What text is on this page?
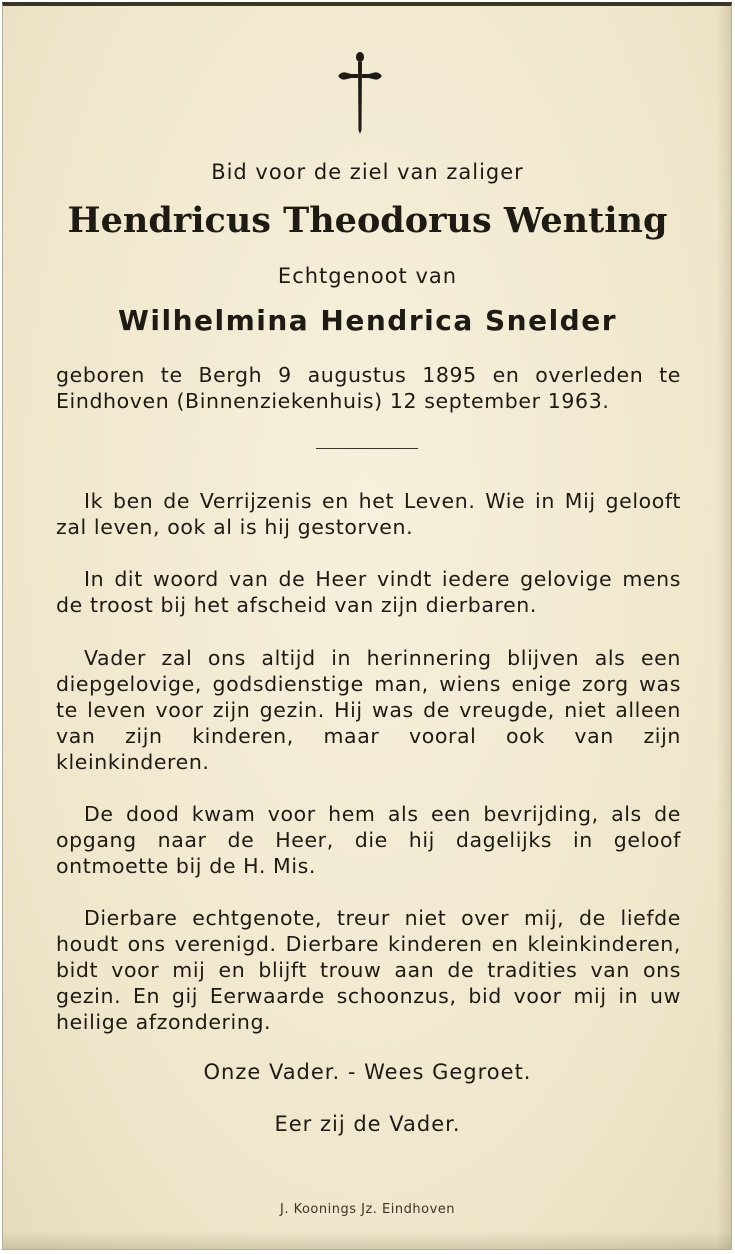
Bid voor de ziel van zaliger
Hendricus Theodorus Wenting
Echtgenoot van
Wilhelmina Hendrica Snelder
geboren te Bergh 9 augustus 1895 en overleden te Eindhoven (Binnenziekenhuis) 12 september 1963.
Ik ben de Verrijzenis en het Leven. Wie in Mij gelooft zal leven, ook al is hij gestorven.
In dit woord van de Heer vindt iedere gelovige mens de troost bij het afscheid van zijn dierbaren.
Vader zal ons altijd in herinnering blijven als een diepgelovige, godsdienstige man, wiens enige zorg was te leven voor zijn gezin. Hij was de vreugde, niet alleen van zijn kinderen, maar vooral ook van zijn kleinkinderen.
De dood kwam voor hem als een bevrijding, als de opgang naar de Heer, die hij dagelijks in geloof ontmoette bij de H. Mis.
Dierbare echtgenote, treur niet over mij, de liefde houdt ons verenigd. Dierbare kinderen en kleinkinderen, bidt voor mij en blijft trouw aan de tradities van ons gezin. En gij Eerwaarde schoonzus, bid voor mij in uw heilige afzondering.
Onze Vader. - Wees Gegroet.
Eer zij de Vader.
J. Koonings Jz. Eindhoven
